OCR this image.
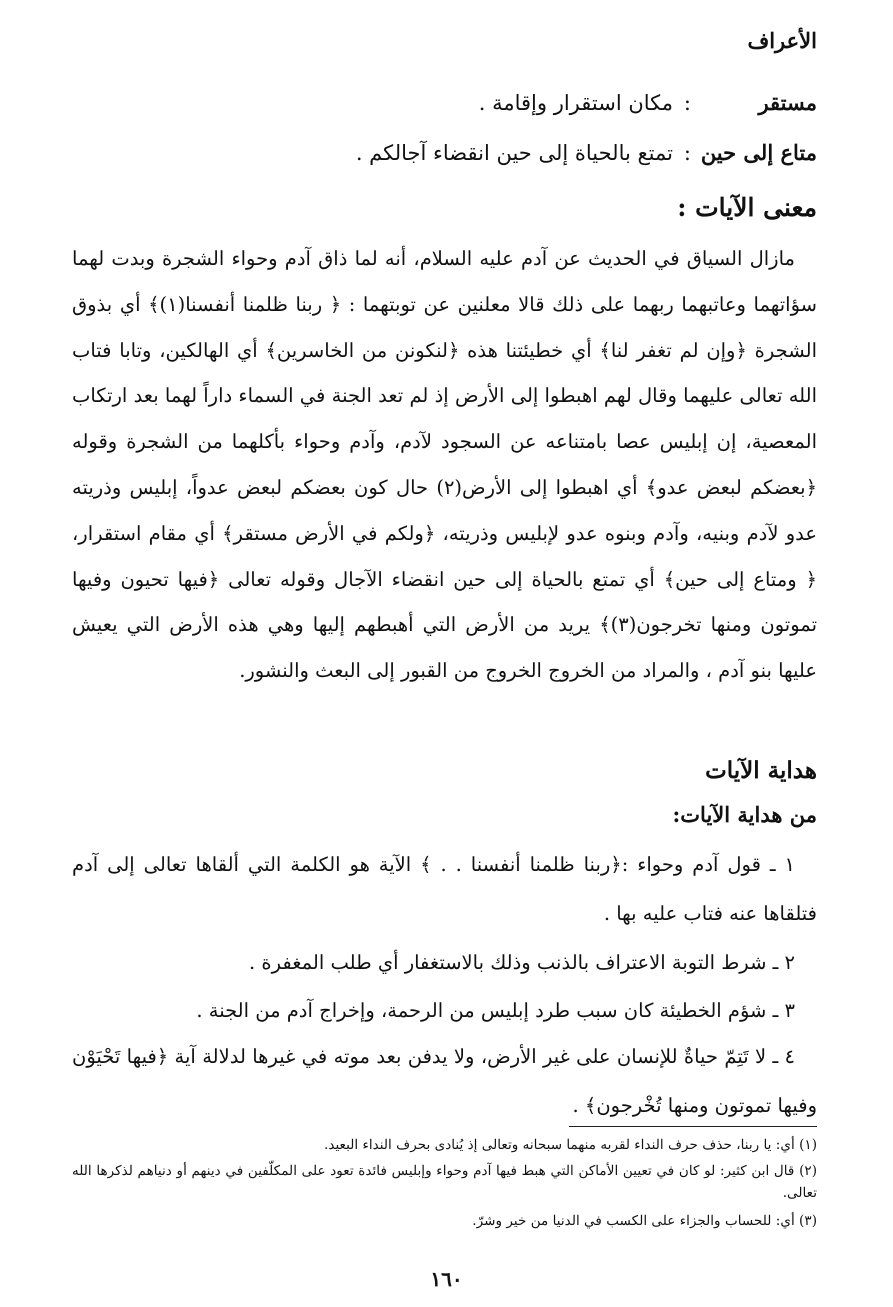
الأعراف
مستقر:مكان استقرار وإقامة .
متاع إلى حين:تمتع بالحياة إلى حين انقضاء آجالكم .
معنى الآيات :

مازال السياق في الحديث عن آدم عليه السلام، أنه لما ذاق آدم وحواء الشجرة وبدت لهما سؤاتهما وعاتبهما ربهما على ذلك قالا معلنين عن توبتهما : ﴿ ربنا ظلمنا أنفسنا(١)﴾ أي بذوق الشجرة ﴿وإن لم تغفر لنا﴾ أي خطيئتنا هذه ﴿لنكونن من الخاسرين﴾ أي الهالكين، وتابا فتاب الله تعالى عليهما وقال لهم اهبطوا إلى الأرض إذ لم تعد الجنة في السماء داراً لهما بعد ارتكاب المعصية، إن إبليس عصا بامتناعه عن السجود لآدم، وآدم وحواء بأكلهما من الشجرة وقوله ﴿بعضكم لبعض عدو﴾ أي اهبطوا إلى الأرض(٢) حال كون بعضكم لبعض عدواً، إبليس وذريته عدو لآدم وبنيه، وآدم وبنوه عدو لإبليس وذريته، ﴿ولكم في الأرض مستقر﴾ أي مقام استقرار، ﴿ ومتاع إلى حين﴾ أي تمتع بالحياة إلى حين انقضاء الآجال وقوله تعالى ﴿فيها تحيون وفيها تموتون ومنها تخرجون(٣)﴾ يريد من الأرض التي أهبطهم إليها وهي هذه الأرض التي يعيش عليها بنو آدم ، والمراد من الخروج الخروج من القبور إلى البعث والنشور.

هداية الآيات
من هداية الآيات:

١ ـ قول آدم وحواء :﴿ربنا ظلمنا أنفسنا . . ﴾ الآية هو الكلمة التي ألقاها تعالى إلى آدم فتلقاها عنه فتاب عليه بها .

٢ ـ شرط التوبة الاعتراف بالذنب وذلك بالاستغفار أي طلب المغفرة .

٣ ـ شؤم الخطيئة كان سبب طرد إبليس من الرحمة، وإخراج آدم من الجنة .

٤ ـ لا تَتِمّ حياةٌ للإنسان على غير الأرض، ولا يدفن بعد موته في غيرها لدلالة آية ﴿فيها تَحْيَوْن وفيها تموتون ومنها تُخْرجون﴾ .

(١) أي: يا ربنا، حذف حرف النداء لقربه منهما سبحانه وتعالى إذ يُنادى بحرف النداء البعيد.

(٢) قال ابن كثير: لو كان في تعيين الأماكن التي هبط فيها آدم وحواء وإبليس فائدة تعود على المكلّفين في دينهم أو دنياهم لذكرها الله تعالى.

(٣) أي: للحساب والجزاء على الكسب في الدنيا من خير وشرّ.

١٦٠
